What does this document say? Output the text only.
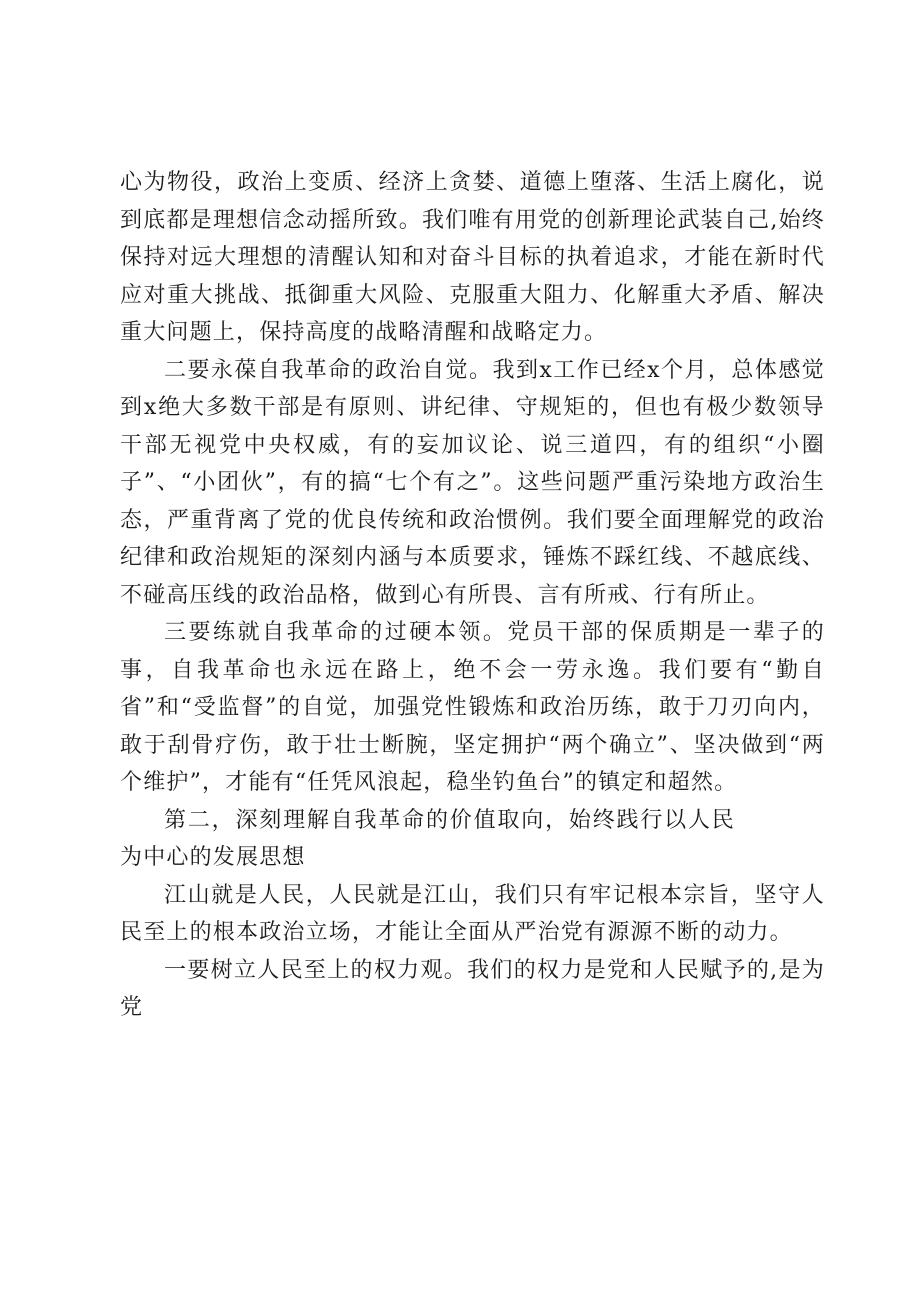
心为物役，政治上变质、经济上贪婪、道德上堕落、生活上腐化，说到底都是理想信念动摇所致。我们唯有用党的创新理论武装自己,始终保持对远大理想的清醒认知和对奋斗目标的执着追求，才能在新时代应对重大挑战、抵御重大风险、克服重大阻力、化解重大矛盾、解决重大问题上，保持高度的战略清醒和战略定力。

二要永葆自我革命的政治自觉。我到x工作已经x个月，总体感觉到x绝大多数干部是有原则、讲纪律、守规矩的，但也有极少数领导干部无视党中央权威，有的妄加议论、说三道四，有的组织“小圈子”、“小团伙”，有的搞“七个有之”。这些问题严重污染地方政治生态，严重背离了党的优良传统和政治惯例。我们要全面理解党的政治纪律和政治规矩的深刻内涵与本质要求，锤炼不踩红线、不越底线、不碰高压线的政治品格，做到心有所畏、言有所戒、行有所止。

三要练就自我革命的过硬本领。党员干部的保质期是一辈子的事，自我革命也永远在路上，绝不会一劳永逸。我们要有“勤自省”和“受监督”的自觉，加强党性锻炼和政治历练，敢于刀刃向内，敢于刮骨疗伤，敢于壮士断腕，坚定拥护“两个确立”、坚决做到“两个维护”，才能有“任凭风浪起，稳坐钓鱼台”的镇定和超然。

第二，深刻理解自我革命的价值取向，始终践行以人民为中心的发展思想

江山就是人民，人民就是江山，我们只有牢记根本宗旨，坚守人民至上的根本政治立场，才能让全面从严治党有源源不断的动力。

一要树立人民至上的权力观。我们的权力是党和人民赋予的,是为党
